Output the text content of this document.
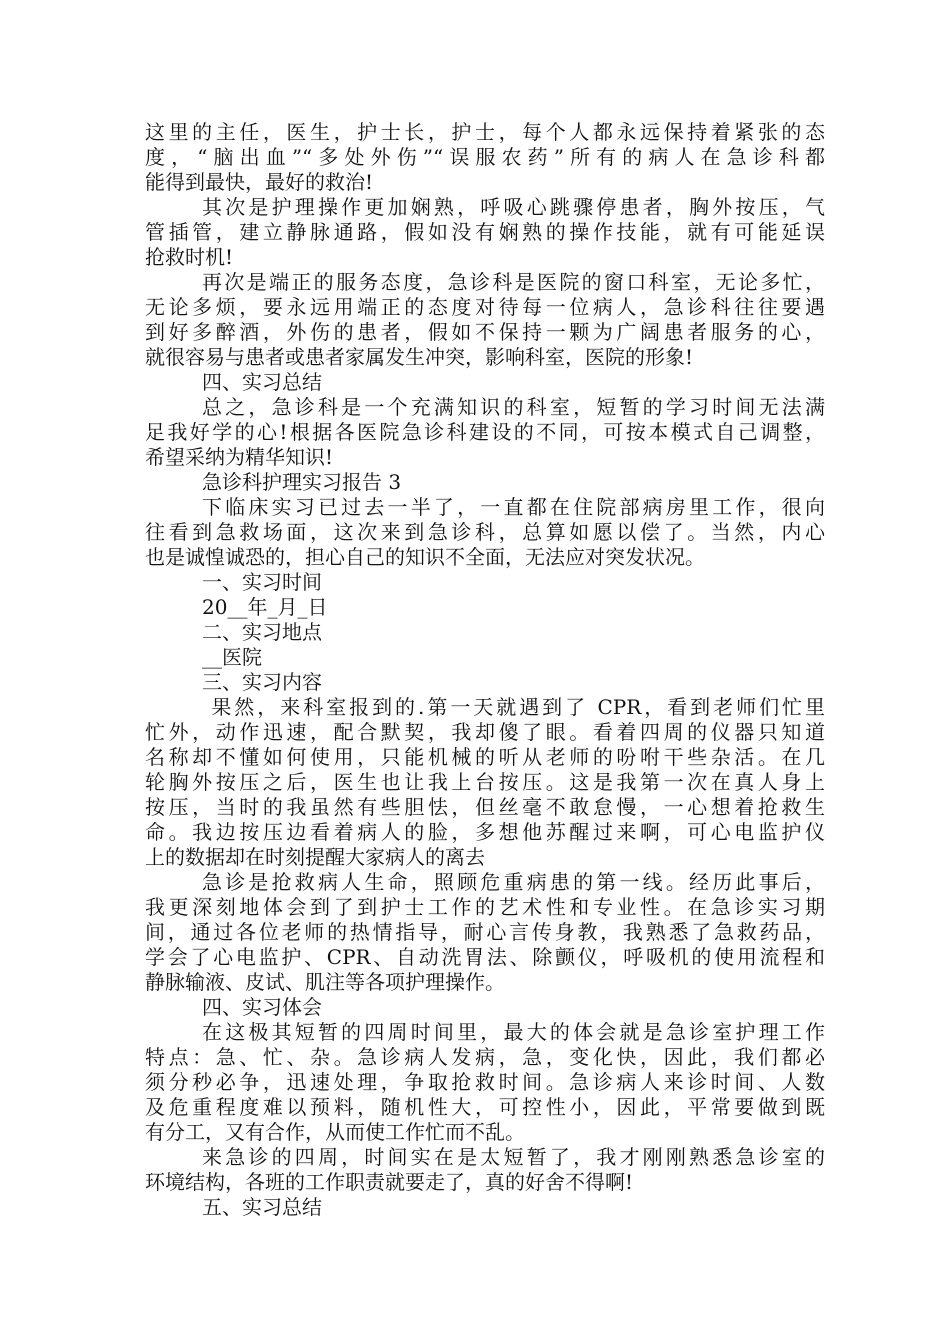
这里的主任，医生，护士长，护士，每个人都永远保持着紧张的态
度，“脑出血”“多处外伤”“误服农药”所有的病人在急诊科都
能得到最快，最好的救治!
其次是护理操作更加娴熟，呼吸心跳骤停患者，胸外按压，气
管插管，建立静脉通路，假如没有娴熟的操作技能，就有可能延误
抢救时机!
再次是端正的服务态度，急诊科是医院的窗口科室，无论多忙，
无论多烦，要永远用端正的态度对待每一位病人，急诊科往往要遇
到好多醉酒，外伤的患者，假如不保持一颗为广阔患者服务的心，
就很容易与患者或患者家属发生冲突，影响科室，医院的形象!
四、实习总结
总之，急诊科是一个充满知识的科室，短暂的学习时间无法满
足我好学的心!根据各医院急诊科建设的不同，可按本模式自己调整，
希望采纳为精华知识!
急诊科护理实习报告 3
下临床实习已过去一半了，一直都在住院部病房里工作，很向
往看到急救场面，这次来到急诊科，总算如愿以偿了。当然，内心
也是诚惶诚恐的，担心自己的知识不全面，无法应对突发状况。
一、实习时间
20__年_月_日
二、实习地点
__医院
三、实习内容
果然，来科室报到的.第一天就遇到了 CPR，看到老师们忙里
忙外，动作迅速，配合默契，我却傻了眼。看着四周的仪器只知道
名称却不懂如何使用，只能机械的听从老师的吩咐干些杂活。在几
轮胸外按压之后，医生也让我上台按压。这是我第一次在真人身上
按压，当时的我虽然有些胆怯，但丝毫不敢怠慢，一心想着抢救生
命。我边按压边看着病人的脸，多想他苏醒过来啊，可心电监护仪
上的数据却在时刻提醒大家病人的离去
急诊是抢救病人生命，照顾危重病患的第一线。经历此事后，
我更深刻地体会到了到护士工作的艺术性和专业性。在急诊实习期
间，通过各位老师的热情指导，耐心言传身教，我熟悉了急救药品，
学会了心电监护、CPR、自动洗胃法、除颤仪，呼吸机的使用流程和
静脉输液、皮试、肌注等各项护理操作。
四、实习体会
在这极其短暂的四周时间里，最大的体会就是急诊室护理工作
特点：急、忙、杂。急诊病人发病，急，变化快，因此，我们都必
须分秒必争，迅速处理，争取抢救时间。急诊病人来诊时间、人数
及危重程度难以预料，随机性大，可控性小，因此，平常要做到既
有分工，又有合作，从而使工作忙而不乱。
来急诊的四周，时间实在是太短暂了，我才刚刚熟悉急诊室的
环境结构，各班的工作职责就要走了，真的好舍不得啊!
五、实习总结
